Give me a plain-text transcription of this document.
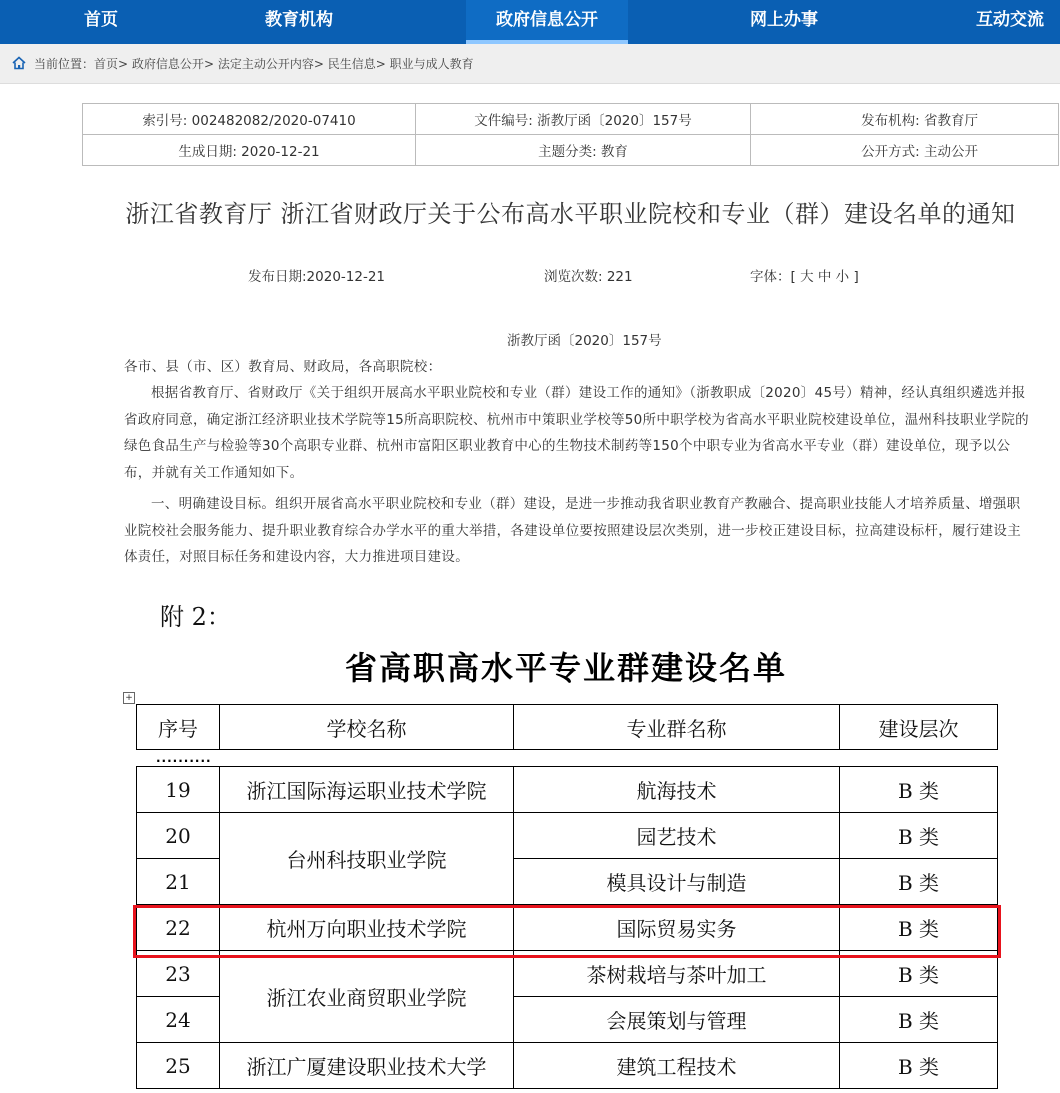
首页	教育机构	政府信息公开	网上办事	互动交流
当前位置：首页> 政府信息公开> 法定主动公开内容> 民生信息> 职业与成人教育
索引号: 002482082/2020-07410	文件编号: 浙教厅函〔2020〕157号	发布机构: 省教育厅
生成日期: 2020-12-21	主题分类: 教育	公开方式: 主动公开
浙江省教育厅 浙江省财政厅关于公布高水平职业院校和专业（群）建设名单的通知
发布日期:2020-12-21	浏览次数: 221	字体：[ 大 中 小 ]
浙教厅函〔2020〕157号
各市、县（市、区）教育局、财政局，各高职院校：
根据省教育厅、省财政厅《关于组织开展高水平职业院校和专业（群）建设工作的通知》（浙教职成〔2020〕45号）精神，经认真组织遴选并报省政府同意，确定浙江经济职业技术学院等15所高职院校、杭州市中策职业学校等50所中职学校为省高水平职业院校建设单位，温州科技职业学院的绿色食品生产与检验等30个高职专业群、杭州市富阳区职业教育中心的生物技术制药等150个中职专业为省高水平专业（群）建设单位，现予以公布，并就有关工作通知如下。
一、明确建设目标。组织开展省高水平职业院校和专业（群）建设，是进一步推动我省职业教育产教融合、提高职业技能人才培养质量、增强职业院校社会服务能力、提升职业教育综合办学水平的重大举措，各建设单位要按照建设层次类别，进一步校正建设目标，拉高建设标杆，履行建设主体责任，对照目标任务和建设内容，大力推进项目建设。
附 2：
省高职高水平专业群建设名单
+
序号	学校名称	专业群名称	建设层次
··········
19	浙江国际海运职业技术学院	航海技术	B 类
20	台州科技职业学院	园艺技术	B 类
21		模具设计与制造	B 类
22	杭州万向职业技术学院	国际贸易实务	B 类
23	浙江农业商贸职业学院	茶树栽培与茶叶加工	B 类
24		会展策划与管理	B 类
25	浙江广厦建设职业技术大学	建筑工程技术	B 类
